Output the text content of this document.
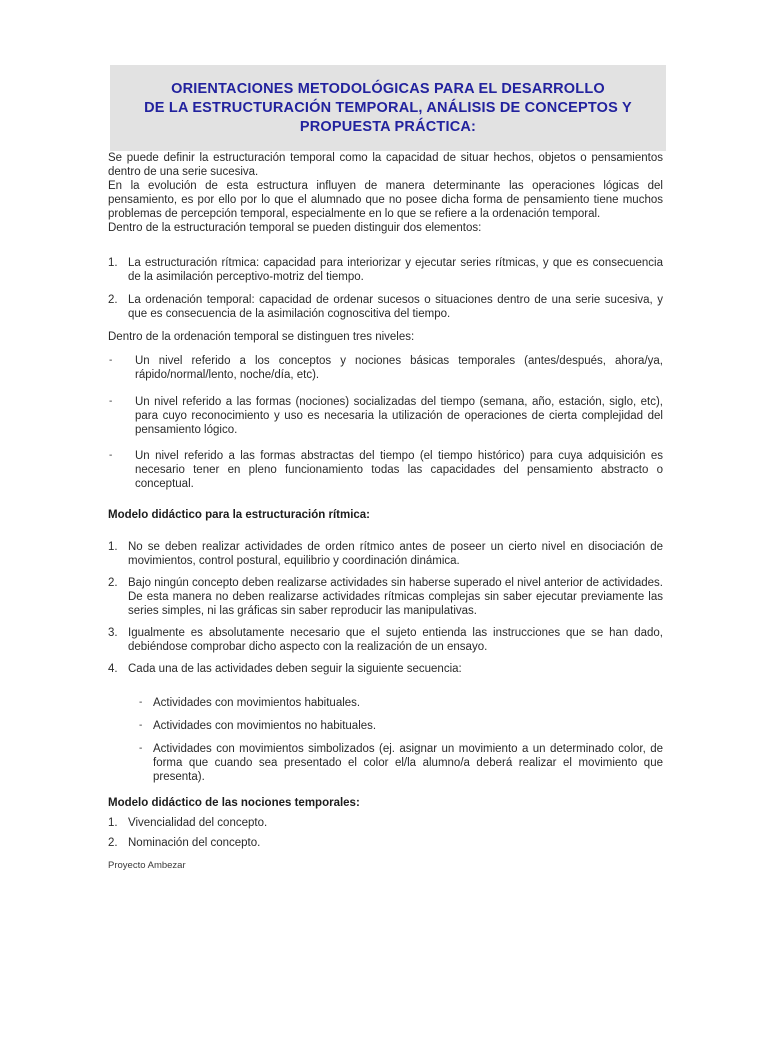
ORIENTACIONES METODOLÓGICAS PARA EL DESARROLLO
DE LA ESTRUCTURACIÓN TEMPORAL, ANÁLISIS DE CONCEPTOS Y
PROPUESTA PRÁCTICA:

Se puede definir la estructuración temporal como la capacidad de situar hechos, objetos o pensamientos dentro de una serie sucesiva.

En la evolución de esta estructura influyen de manera determinante las operaciones lógicas del pensamiento, es por ello por lo que el alumnado que no posee dicha forma de pensamiento tiene muchos problemas de percepción temporal, especialmente en lo que se refiere a la ordenación temporal.

Dentro de la estructuración temporal se pueden distinguir dos elementos:

1. La estructuración rítmica: capacidad para interiorizar y ejecutar series rítmicas, y que es consecuencia de la asimilación perceptivo-motriz del tiempo.
2. La ordenación temporal: capacidad de ordenar sucesos o situaciones dentro de una serie sucesiva, y que es consecuencia de la asimilación cognoscitiva del tiempo.

Dentro de la ordenación temporal se distinguen tres niveles:

-	Un nivel referido a los conceptos y nociones básicas temporales (antes/después, ahora/ya, rápido/normal/lento, noche/día, etc).
-	Un nivel referido a las formas (nociones) socializadas del tiempo (semana, año, estación, siglo, etc), para cuyo reconocimiento y uso es necesaria la utilización de operaciones de cierta complejidad del pensamiento lógico.
-	Un nivel referido a las formas abstractas del tiempo (el tiempo histórico) para cuya adquisición es necesario tener en pleno funcionamiento todas las capacidades del pensamiento abstracto o conceptual.

Modelo didáctico para la estructuración rítmica:

1. No se deben realizar actividades de orden rítmico antes de poseer un cierto nivel en disociación de movimientos, control postural, equilibrio y coordinación dinámica.
2. Bajo ningún concepto deben realizarse actividades sin haberse superado el nivel anterior de actividades. De esta manera no deben realizarse actividades rítmicas complejas sin saber ejecutar previamente las series simples, ni las gráficas sin saber reproducir las manipulativas.
3. Igualmente es absolutamente necesario que el sujeto entienda las instrucciones que se han dado, debiéndose comprobar dicho aspecto con la realización de un ensayo.
4. Cada una de las actividades deben seguir la siguiente secuencia:
- Actividades con movimientos habituales.
- Actividades con movimientos no habituales.
- Actividades con movimientos simbolizados (ej. asignar un movimiento a un determinado color, de forma que cuando sea presentado el color el/la alumno/a deberá realizar el movimiento que presenta).

Modelo didáctico de las nociones temporales:

1. Vivencialidad del concepto.
2. Nominación del concepto.
Proyecto Ambezar
